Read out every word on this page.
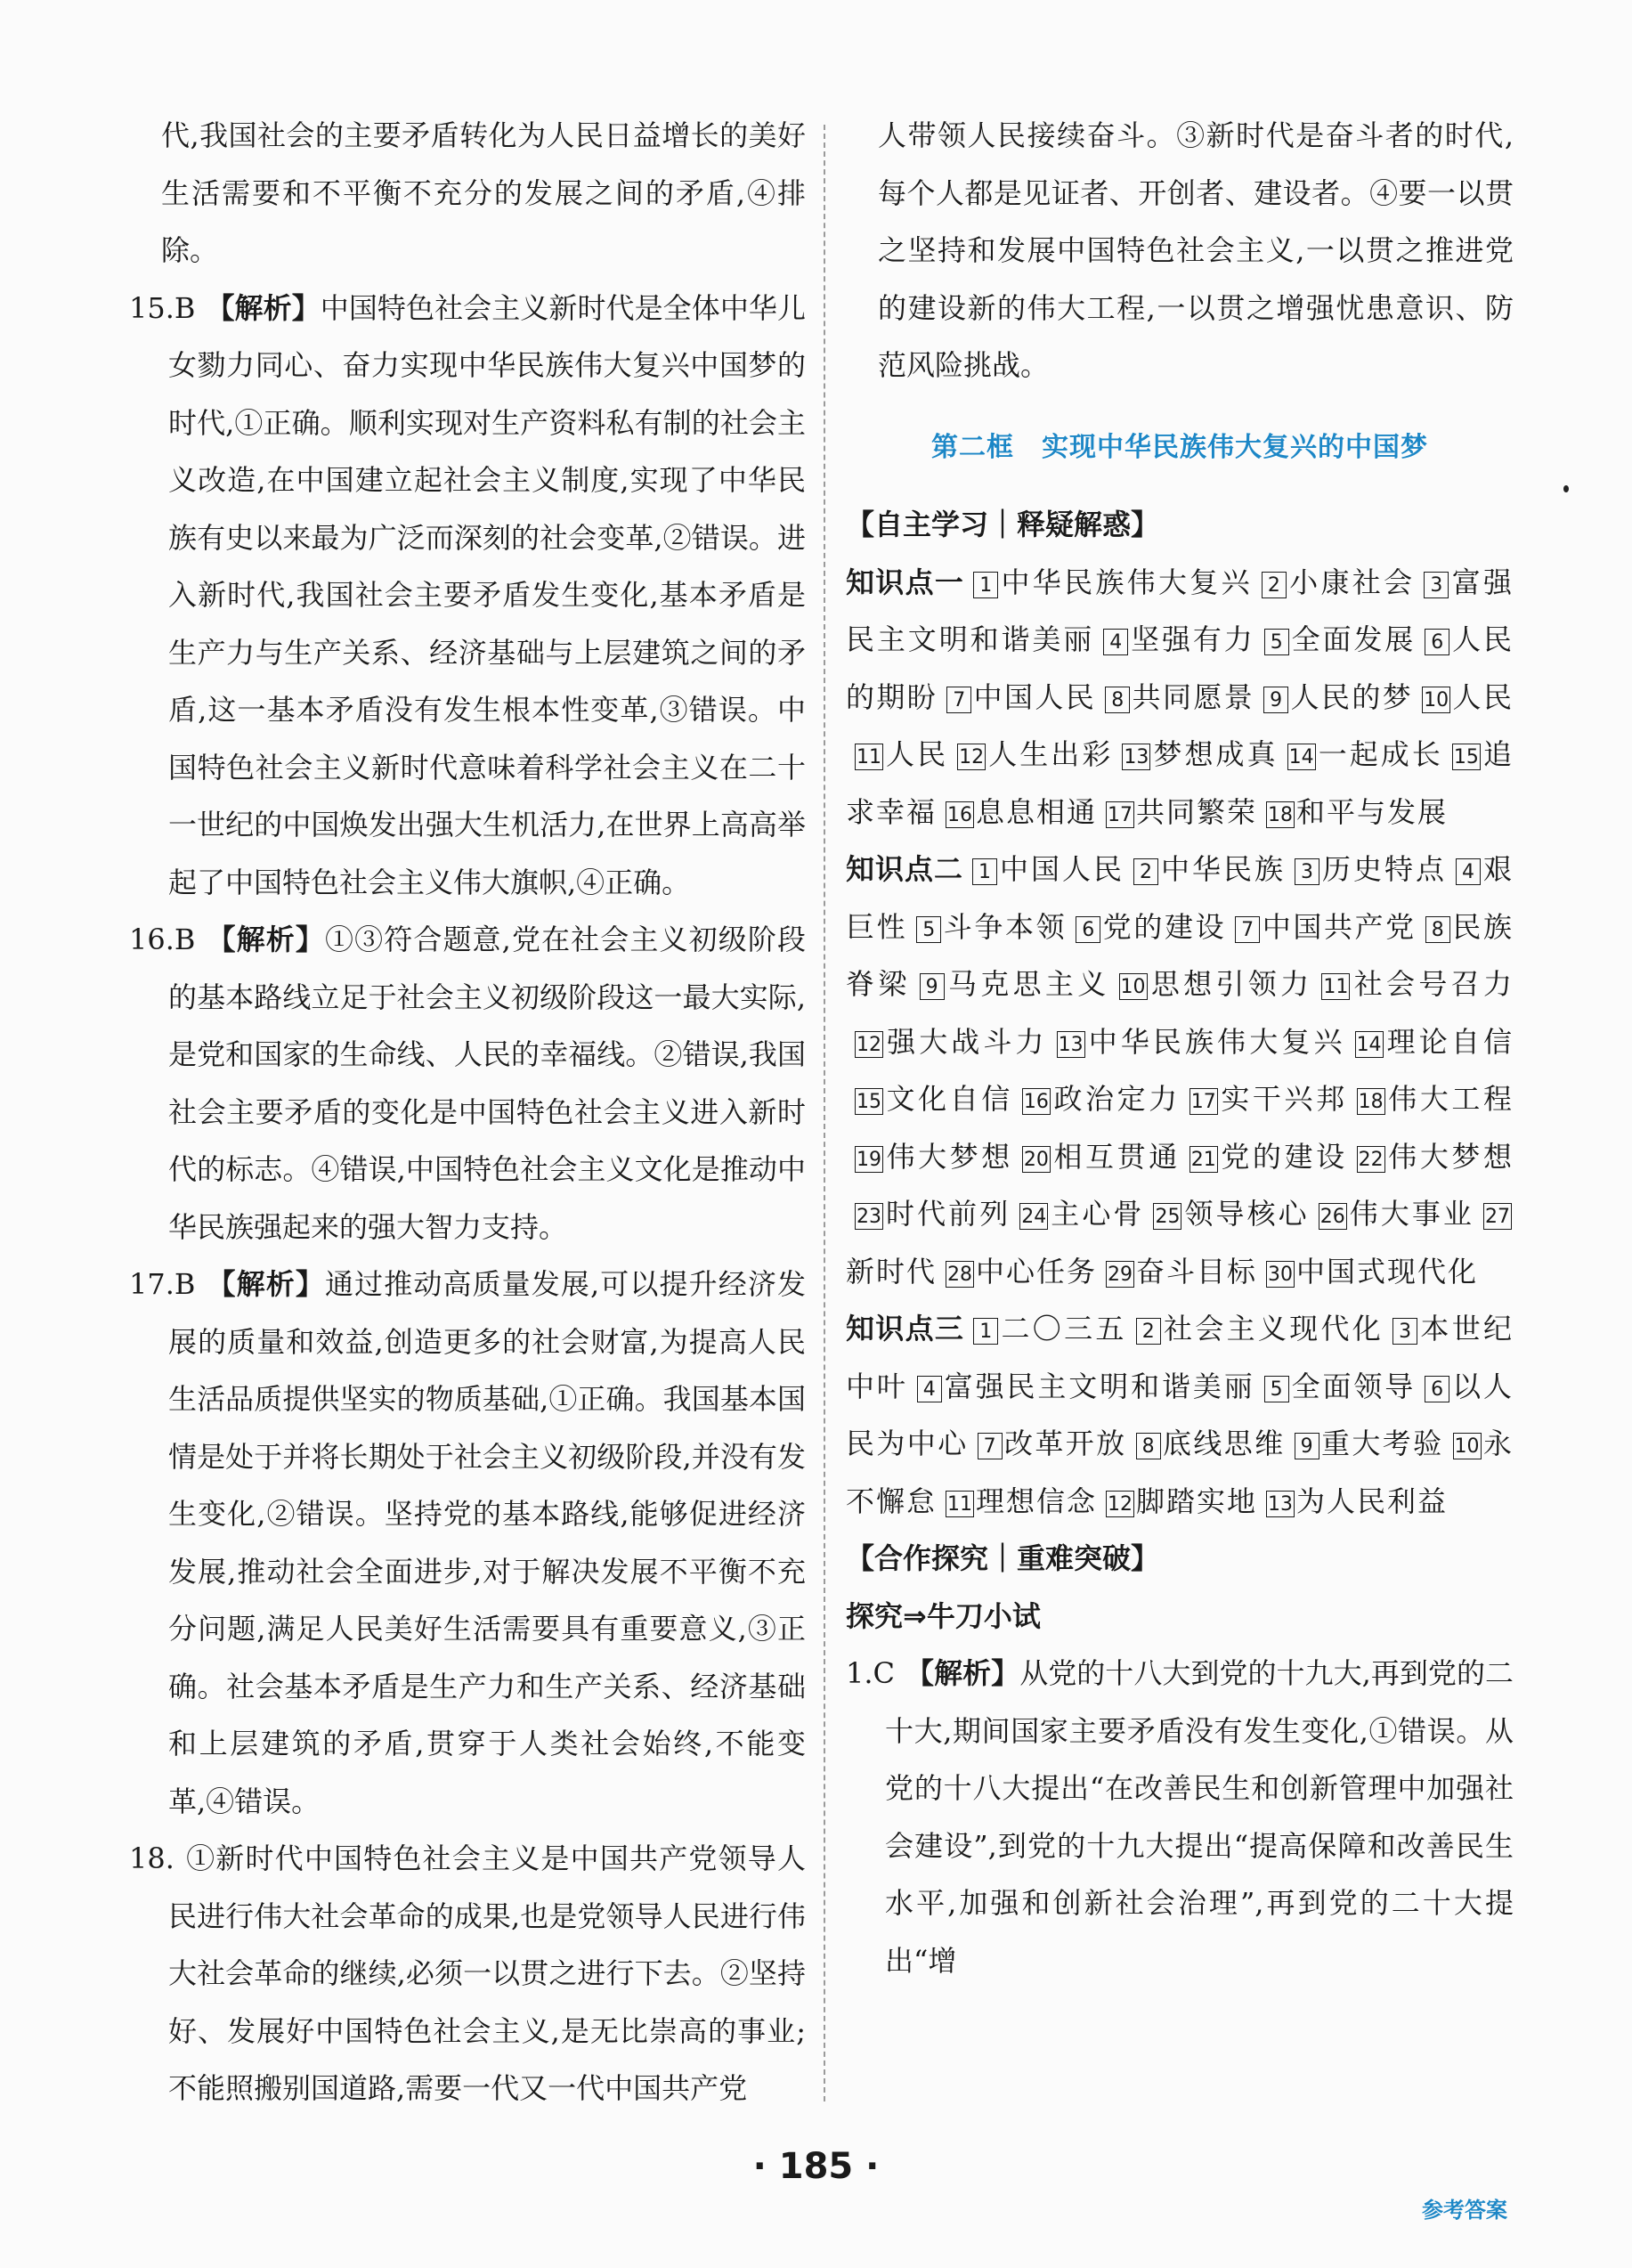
代,我国社会的主要矛盾转化为人民日益增长的美好生活需要和不平衡不充分的发展之间的矛盾,④排除。

15.B 【解析】中国特色社会主义新时代是全体中华儿女勠力同心、奋力实现中华民族伟大复兴中国梦的时代,①正确。顺利实现对生产资料私有制的社会主义改造,在中国建立起社会主义制度,实现了中华民族有史以来最为广泛而深刻的社会变革,②错误。进入新时代,我国社会主要矛盾发生变化,基本矛盾是生产力与生产关系、经济基础与上层建筑之间的矛盾,这一基本矛盾没有发生根本性变革,③错误。中国特色社会主义新时代意味着科学社会主义在二十一世纪的中国焕发出强大生机活力,在世界上高高举起了中国特色社会主义伟大旗帜,④正确。

16.B 【解析】①③符合题意,党在社会主义初级阶段的基本路线立足于社会主义初级阶段这一最大实际,是党和国家的生命线、人民的幸福线。②错误,我国社会主要矛盾的变化是中国特色社会主义进入新时代的标志。④错误,中国特色社会主义文化是推动中华民族强起来的强大智力支持。

17.B 【解析】通过推动高质量发展,可以提升经济发展的质量和效益,创造更多的社会财富,为提高人民生活品质提供坚实的物质基础,①正确。我国基本国情是处于并将长期处于社会主义初级阶段,并没有发生变化,②错误。坚持党的基本路线,能够促进经济发展,推动社会全面进步,对于解决发展不平衡不充分问题,满足人民美好生活需要具有重要意义,③正确。社会基本矛盾是生产力和生产关系、经济基础和上层建筑的矛盾,贯穿于人类社会始终,不能变革,④错误。

18. ①新时代中国特色社会主义是中国共产党领导人民进行伟大社会革命的成果,也是党领导人民进行伟大社会革命的继续,必须一以贯之进行下去。②坚持好、发展好中国特色社会主义,是无比崇高的事业;不能照搬别国道路,需要一代又一代中国共产党

人带领人民接续奋斗。③新时代是奋斗者的时代,每个人都是见证者、开创者、建设者。④要一以贯之坚持和发展中国特色社会主义,一以贯之推进党的建设新的伟大工程,一以贯之增强忧患意识、防范风险挑战。

第二框　实现中华民族伟大复兴的中国梦
【自主学习｜释疑解惑】

知识点一 1 中华民族伟大复兴 2 小康社会 3 富强民主文明和谐美丽 4 坚强有力 5 全面发展 6 人民的期盼 7 中国人民 8 共同愿景 9 人民的梦 10 人民11 人民 12 人生出彩 13 梦想成真 14 一起成长 15 追求幸福 16 息息相通 17 共同繁荣 18 和平与发展

知识点二 1 中国人民 2 中华民族 3 历史特点 4 艰巨性 5 斗争本领 6 党的建设 7 中国共产党 8 民族脊梁 9 马克思主义 10 思想引领力 11 社会号召力12 强大战斗力 13 中华民族伟大复兴 14 理论自信15 文化自信 16 政治定力 17 实干兴邦 18 伟大工程19 伟大梦想 20 相互贯通 21 党的建设 22 伟大梦想23 时代前列 24 主心骨 25 领导核心 26 伟大事业 27新时代 28 中心任务 29 奋斗目标 30 中国式现代化

知识点三 1 二〇三五 2 社会主义现代化 3 本世纪中叶 4 富强民主文明和谐美丽 5 全面领导 6 以人民为中心 7 改革开放 8 底线思维 9 重大考验 10 永不懈怠 11 理想信念 12 脚踏实地 13 为人民利益

【合作探究｜重难突破】
探究⇒牛刀小试

1.C 【解析】从党的十八大到党的十九大,再到党的二十大,期间国家主要矛盾没有发生变化,①错误。从党的十八大提出“在改善民生和创新管理中加强社会建设”,到党的十九大提出“提高保障和改善民生水平,加强和创新社会治理”,再到党的二十大提出“增

· 185 ·
参考答案
